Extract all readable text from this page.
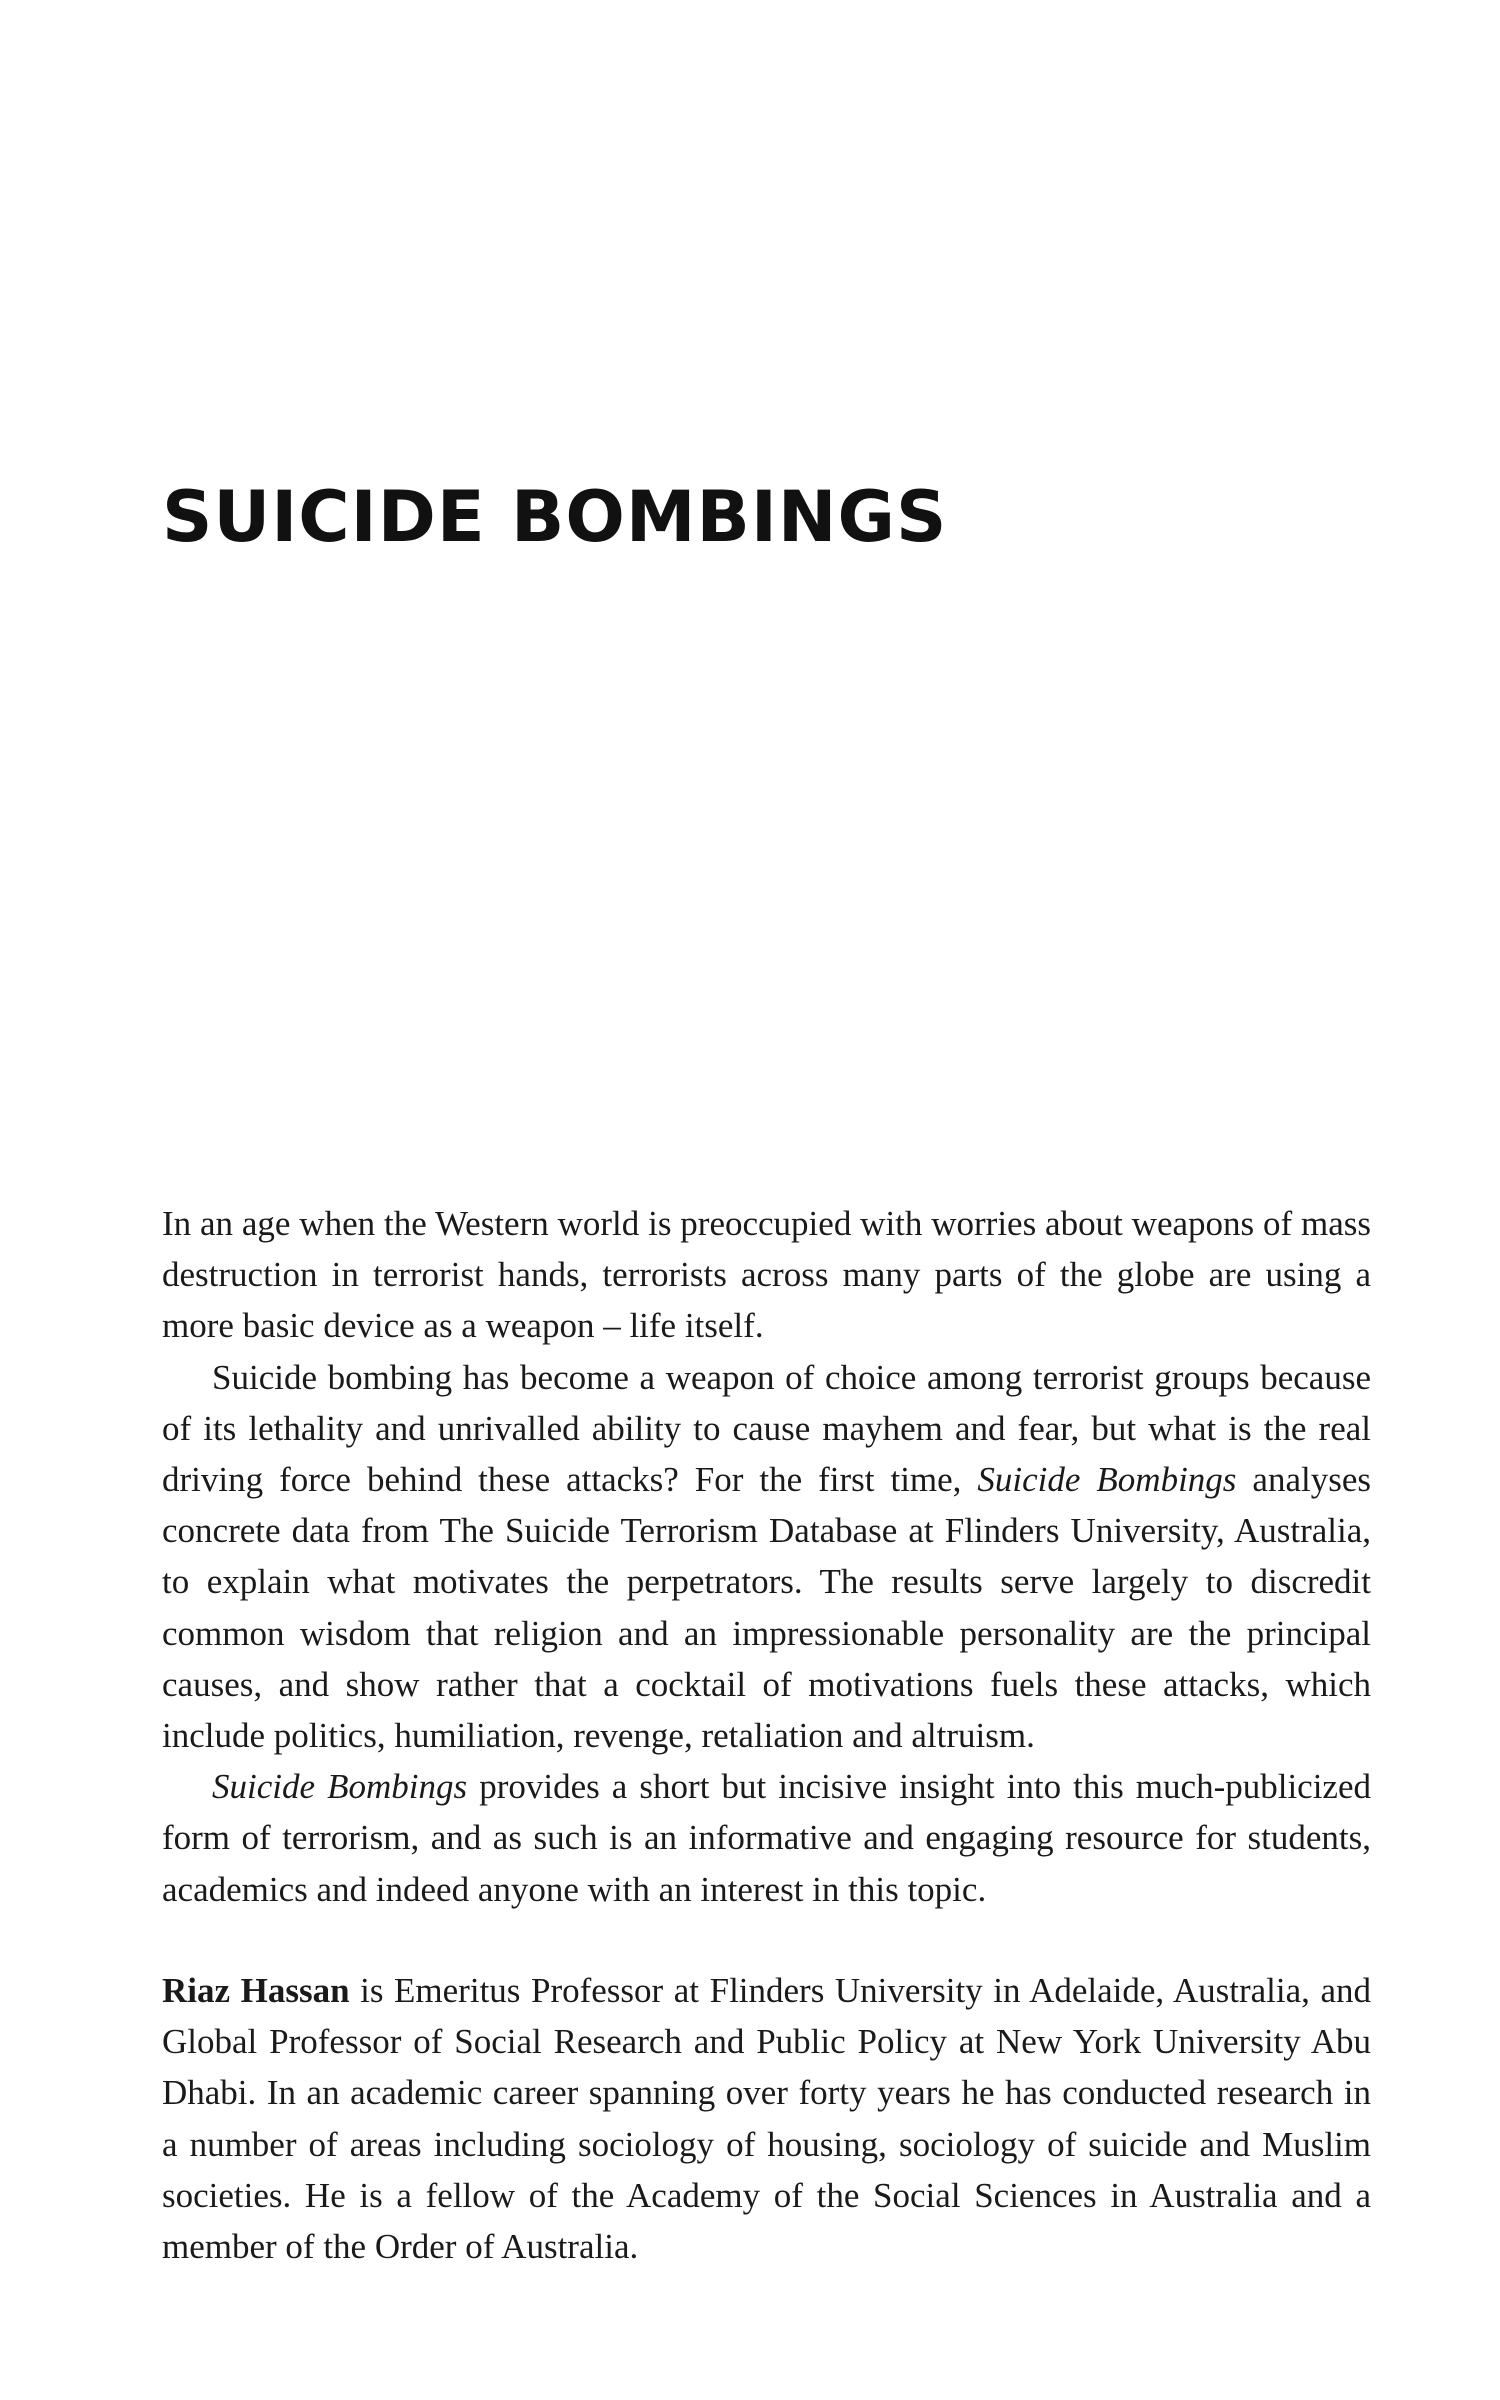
SUICIDE BOMBINGS

In an age when the Western world is preoccupied with worries about weapons of mass destruction in terrorist hands, terrorists across many parts of the globe are using a more basic device as a weapon – life itself.

Suicide bombing has become a weapon of choice among terrorist groups because of its lethality and unrivalled ability to cause mayhem and fear, but what is the real driving force behind these attacks? For the first time, Suicide Bombings analyses concrete data from The Suicide Terrorism Database at Flinders University, Australia, to explain what motivates the perpetrators. The results serve largely to discredit common wisdom that religion and an impressionable personality are the principal causes, and show rather that a cocktail of motivations fuels these attacks, which include politics, humiliation, revenge, retaliation and altruism.

Suicide Bombings provides a short but incisive insight into this much-publicized form of terrorism, and as such is an informative and engaging resource for students, academics and indeed anyone with an interest in this topic.

Riaz Hassan is Emeritus Professor at Flinders University in Adelaide, Australia, and Global Professor of Social Research and Public Policy at New York University Abu Dhabi. In an academic career spanning over forty years he has conducted research in a number of areas including sociology of housing, sociology of suicide and Muslim societies. He is a fellow of the Academy of the Social Sciences in Australia and a member of the Order of Australia.
